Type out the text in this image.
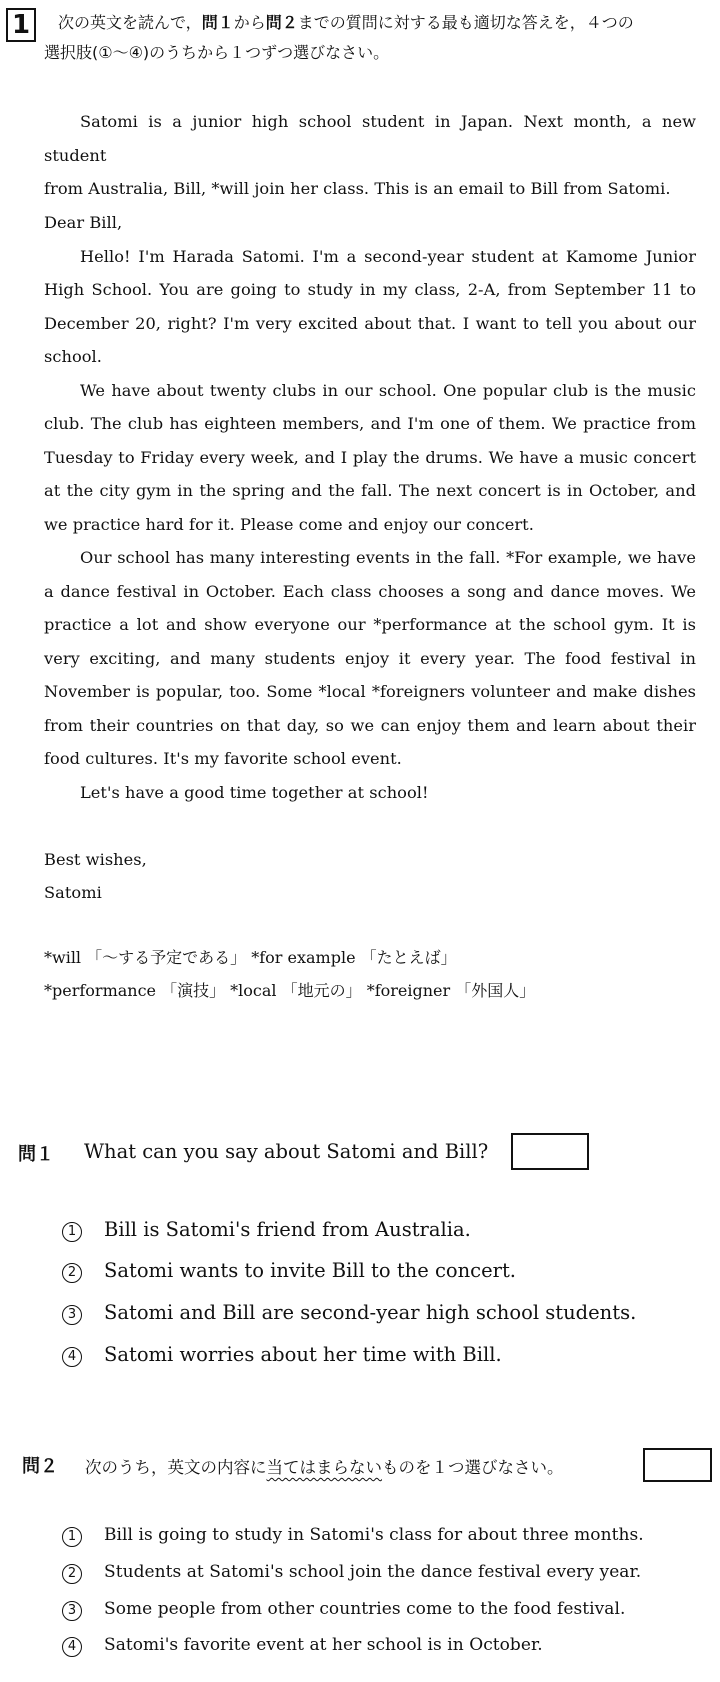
1	次の英文を読んで，問１から問２までの質問に対する最も適切な答えを，４つの
選択肢(①～④)のうちから１つずつ選びなさい。
Satomi is a junior high school student in Japan. Next month, a new student
from Australia, Bill, *will join her class. This is an email to Bill from Satomi.
Dear Bill,
Hello! I'm Harada Satomi. I'm a second-year student at Kamome Junior
High School. You are going to study in my class, 2-A, from September 11 to
December 20, right? I'm very excited about that. I want to tell you about our
school.
We have about twenty clubs in our school. One popular club is the music
club. The club has eighteen members, and I'm one of them. We practice from
Tuesday to Friday every week, and I play the drums. We have a music concert
at the city gym in the spring and the fall. The next concert is in October, and
we practice hard for it. Please come and enjoy our concert.
Our school has many interesting events in the fall. *For example, we have
a dance festival in October. Each class chooses a song and dance moves. We
practice a lot and show everyone our *performance at the school gym. It is
very exciting, and many students enjoy it every year. The food festival in
November is popular, too. Some *local *foreigners volunteer and make dishes
from their countries on that day, so we can enjoy them and learn about their
food cultures. It's my favorite school event.
Let's have a good time together at school!
Best wishes,
Satomi
*will 「～する予定である」 *for example 「たとえば」
*performance 「演技」 *local 「地元の」 *foreigner 「外国人」
問１ What can you say about Satomi and Bill?
1	Bill is Satomi's friend from Australia.
2	Satomi wants to invite Bill to the concert.
3	Satomi and Bill are second-year high school students.
4	Satomi worries about her time with Bill.
問２ 次のうち，英文の内容に当てはまらないものを１つ選びなさい。
1	Bill is going to study in Satomi's class for about three months.
2	Students at Satomi's school join the dance festival every year.
3	Some people from other countries come to the food festival.
4	Satomi's favorite event at her school is in October.
